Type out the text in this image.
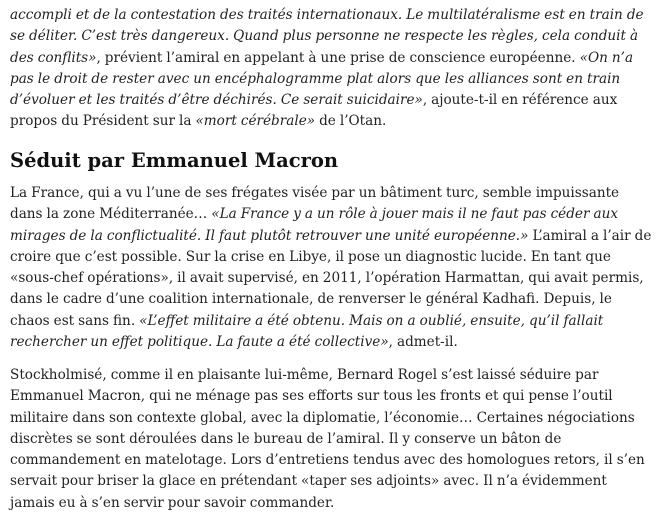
accompli et de la contestation des traités internationaux. Le multilatéralisme est en train de se déliter. C’est très dangereux. Quand plus personne ne respecte les règles, cela conduit à des conflits», prévient l’amiral en appelant à une prise de conscience européenne. «On n’a pas le droit de rester avec un encéphalogramme plat alors que les alliances sont en train d’évoluer et les traités d’être déchirés. Ce serait suicidaire», ajoute-t-il en référence aux propos du Président sur la «mort cérébrale» de l’Otan.

Séduit par Emmanuel Macron

La France, qui a vu l’une de ses frégates visée par un bâtiment turc, semble impuissante dans la zone Méditerranée… «La France y a un rôle à jouer mais il ne faut pas céder aux mirages de la conflictualité. Il faut plutôt retrouver une unité européenne.» L’amiral a l’air de croire que c’est possible. Sur la crise en Libye, il pose un diagnostic lucide. En tant que «sous-chef opérations», il avait supervisé, en 2011, l’opération Harmattan, qui avait permis, dans le cadre d’une coalition internationale, de renverser le général Kadhafi. Depuis, le chaos est sans fin. «L’effet militaire a été obtenu. Mais on a oublié, ensuite, qu’il fallait rechercher un effet politique. La faute a été collective», admet-il.

Stockholmisé, comme il en plaisante lui-même, Bernard Rogel s’est laissé séduire par Emmanuel Macron, qui ne ménage pas ses efforts sur tous les fronts et qui pense l’outil militaire dans son contexte global, avec la diplomatie, l’économie… Certaines négociations discrètes se sont déroulées dans le bureau de l’amiral. Il y conserve un bâton de commandement en matelotage. Lors d’entretiens tendus avec des homologues retors, il s’en servait pour briser la glace en prétendant «taper ses adjoints» avec. Il n’a évidemment jamais eu à s’en servir pour savoir commander.
